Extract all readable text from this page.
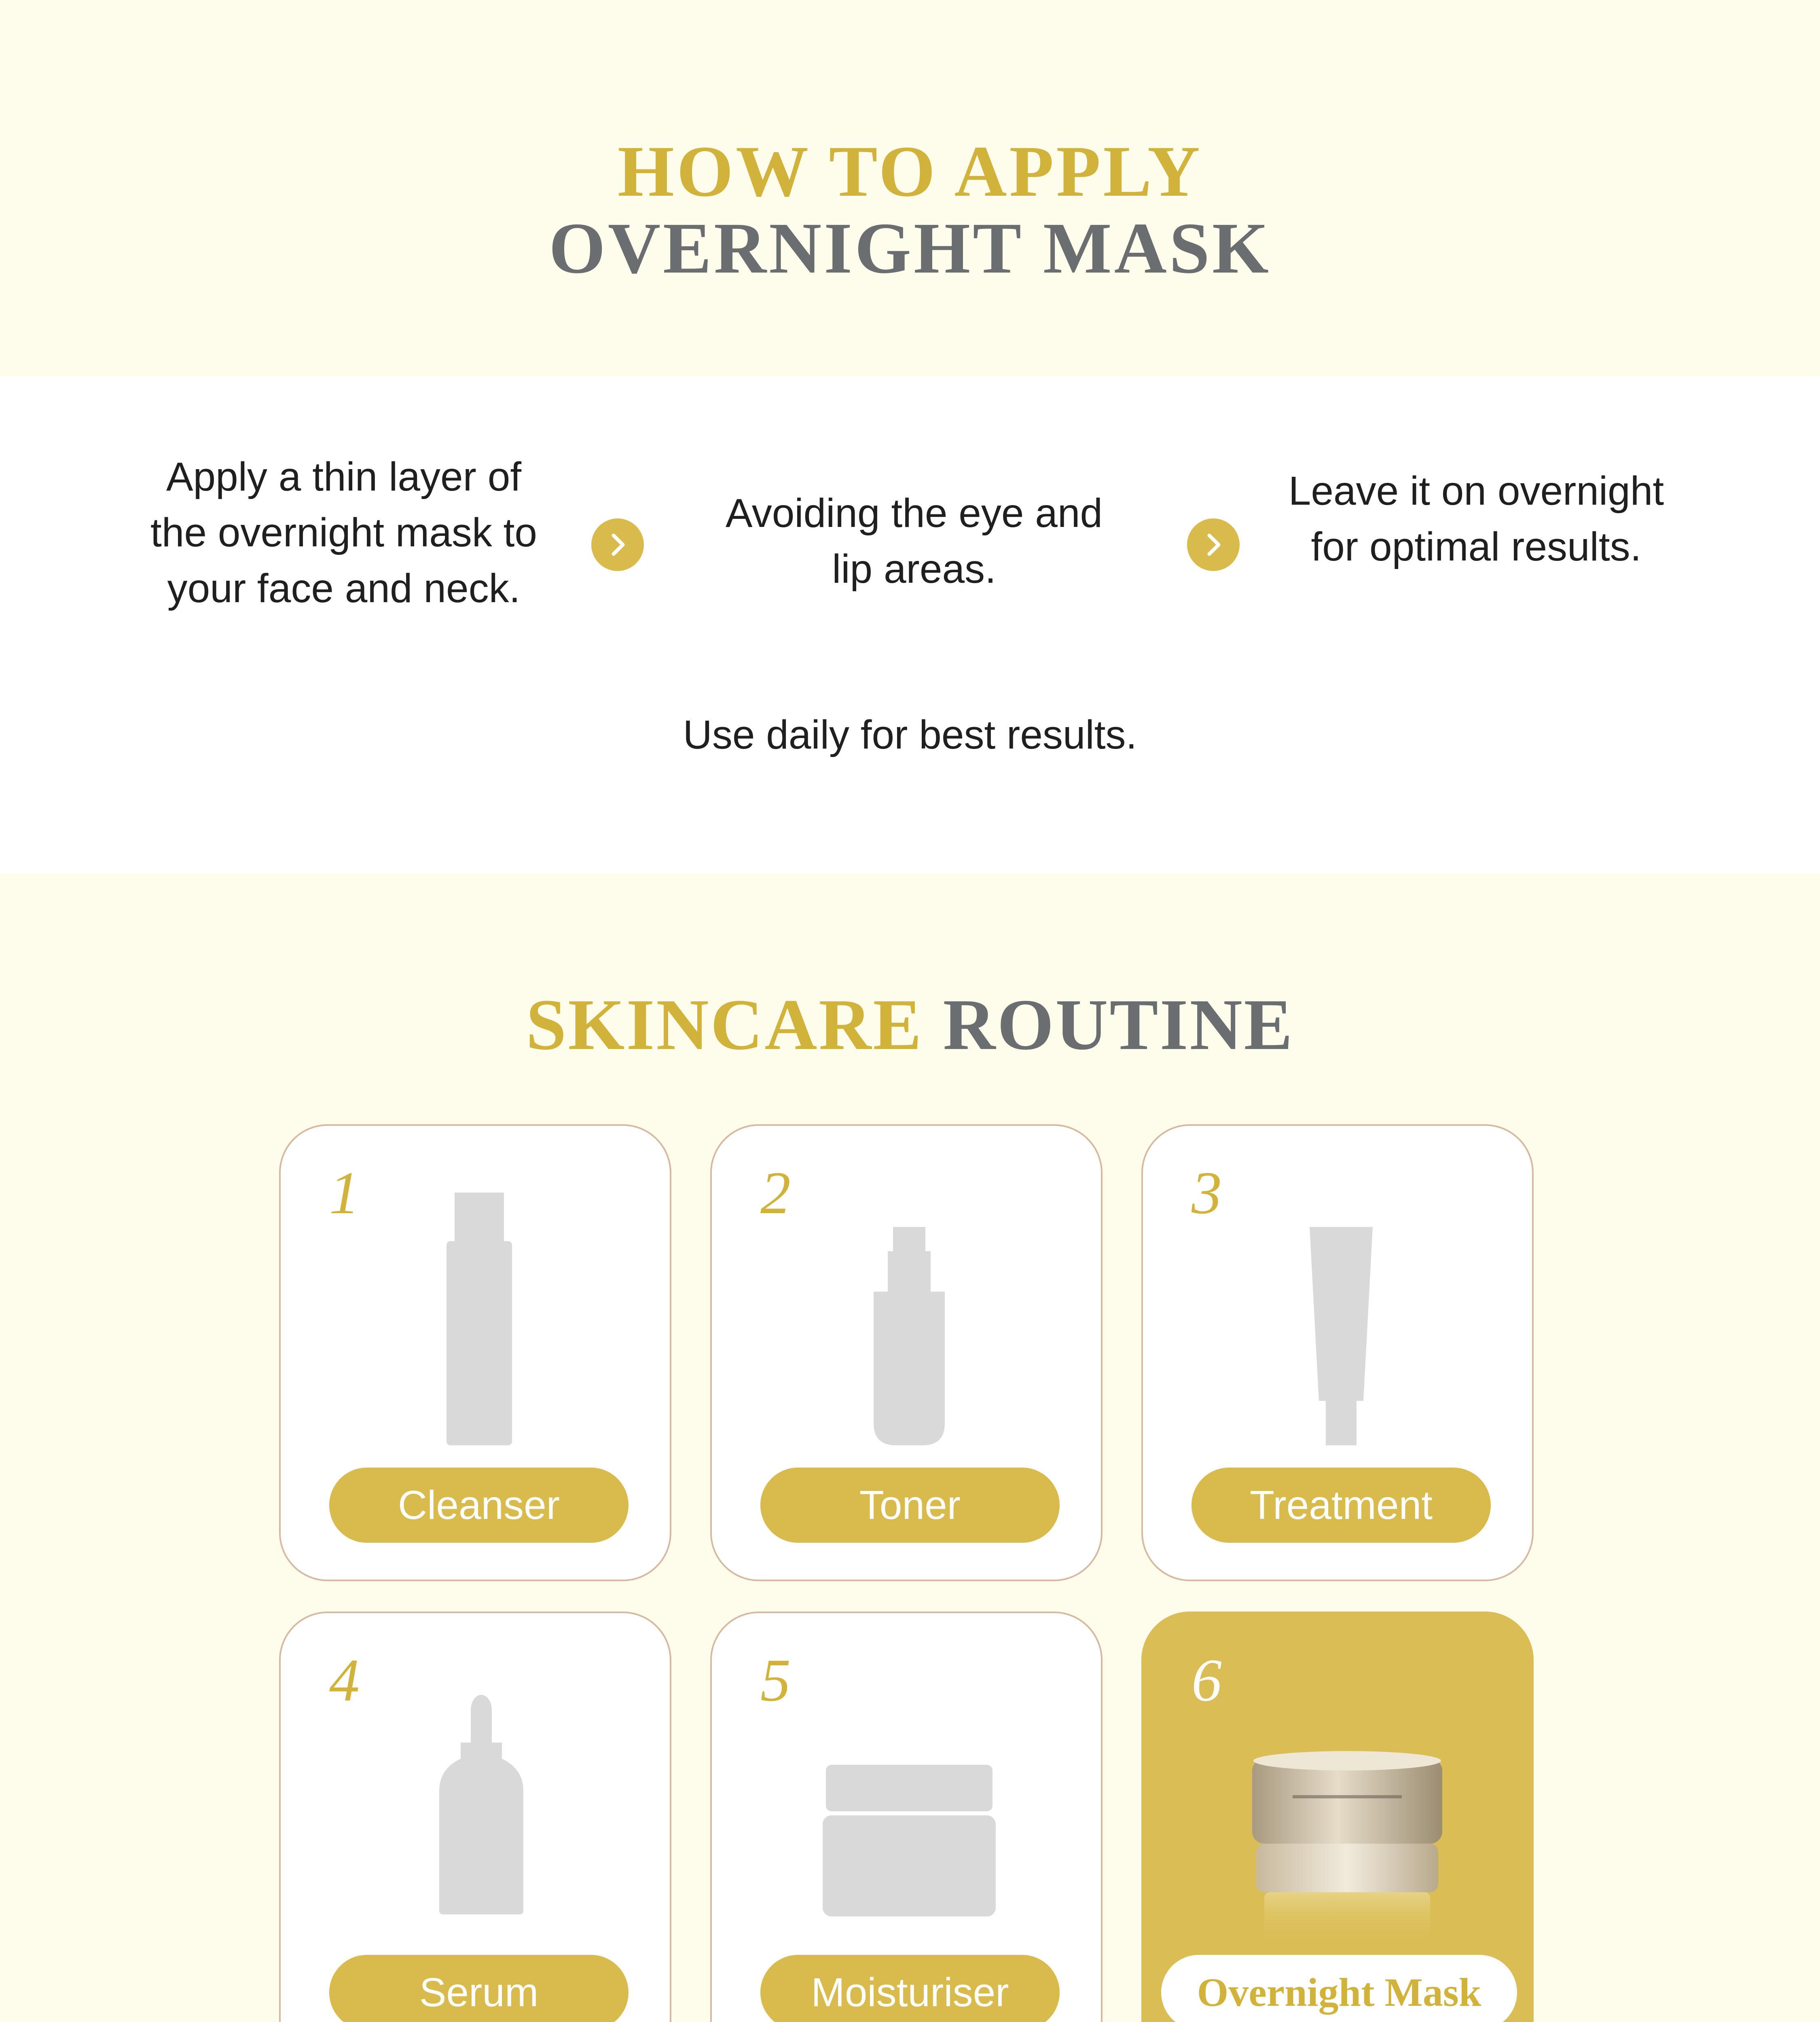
HOW TO APPLY
OVERNIGHT MASK
Apply a thin layer of the overnight mask to your face and neck.
Avoiding the eye and lip areas.
Leave it on overnight for optimal results.
Use daily for best results.
SKINCARE ROUTINE
1
Cleanser
2
Toner
3
Treatment
4
Serum
5
Moisturiser
6
Overnight Mask
